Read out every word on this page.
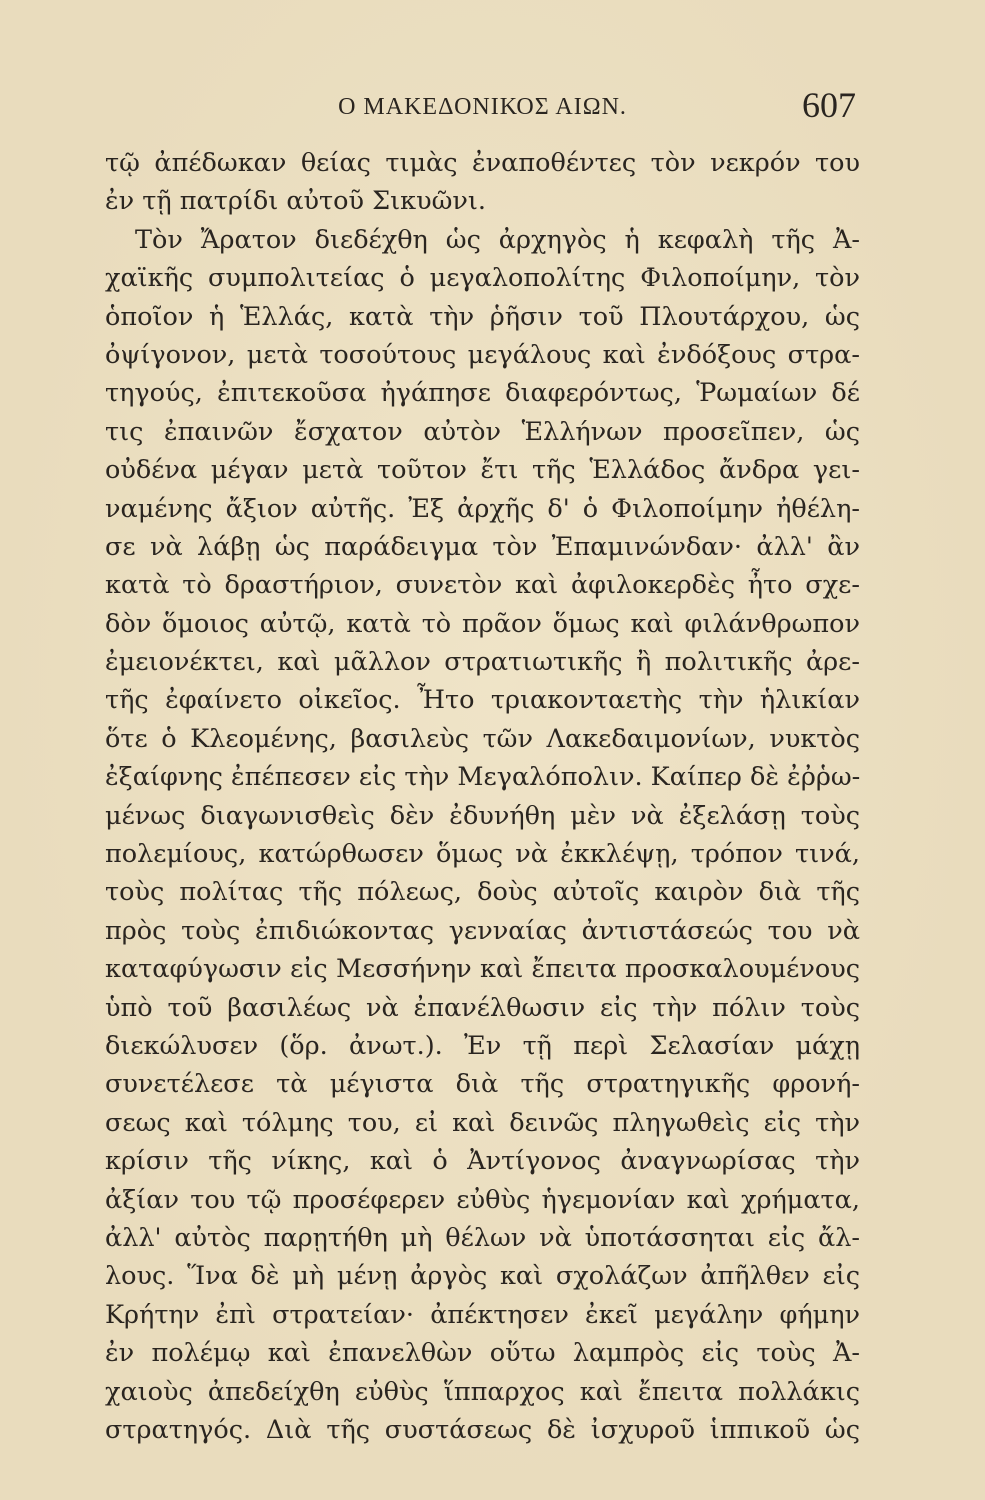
Ο ΜΑΚΕΔΟΝΙΚΟΣ ΑΙΩΝ.	607
τῷ ἀπέδωκαν θείας τιμὰς ἐναποθέντες τὸν νεκρόν του
ἐν τῇ πατρίδι αὐτοῦ Σικυῶνι.
Τὸν Ἄρατον διεδέχθη ὡς ἀρχηγὸς ἡ κεφαλὴ τῆς Ἀ-
χαϊκῆς συμπολιτείας ὁ μεγαλοπολίτης Φιλοποίμην, τὸν
ὁποῖον ἡ Ἑλλάς, κατὰ τὴν ῥῆσιν τοῦ Πλουτάρχου, ὡς
ὀψίγονον, μετὰ τοσούτους μεγάλους καὶ ἐνδόξους στρα-
τηγούς, ἐπιτεκοῦσα ἠγάπησε διαφερόντως, Ῥωμαίων δέ
τις ἐπαινῶν ἔσχατον αὐτὸν Ἑλλήνων προσεῖπεν, ὡς
οὐδένα μέγαν μετὰ τοῦτον ἔτι τῆς Ἑλλάδος ἄνδρα γει-
ναμένης ἄξιον αὐτῆς. Ἐξ ἀρχῆς δ' ὁ Φιλοποίμην ἠθέλη-
σε νὰ λάβῃ ὡς παράδειγμα τὸν Ἐπαμινώνδαν· ἀλλ' ἂν
κατὰ τὸ δραστήριον, συνετὸν καὶ ἀφιλοκερδὲς ἦτο σχε-
δὸν ὅμοιος αὐτῷ, κατὰ τὸ πρᾶον ὅμως καὶ φιλάνθρωπον
ἐμειονέκτει, καὶ μᾶλλον στρατιωτικῆς ἢ πολιτικῆς ἀρε-
τῆς ἐφαίνετο οἰκεῖος. Ἦτο τριακονταετὴς τὴν ἡλικίαν
ὅτε ὁ Κλεομένης, βασιλεὺς τῶν Λακεδαιμονίων, νυκτὸς
ἐξαίφνης ἐπέπεσεν εἰς τὴν Μεγαλόπολιν. Καίπερ δὲ ἐῤῥω-
μένως διαγωνισθεὶς δὲν ἐδυνήθη μὲν νὰ ἐξελάσῃ τοὺς
πολεμίους, κατώρθωσεν ὅμως νὰ ἐκκλέψῃ, τρόπον τινά,
τοὺς πολίτας τῆς πόλεως, δοὺς αὐτοῖς καιρὸν διὰ τῆς
πρὸς τοὺς ἐπιδιώκοντας γενναίας ἀντιστάσεώς του νὰ
καταφύγωσιν εἰς Μεσσήνην καὶ ἔπειτα προσκαλουμένους
ὑπὸ τοῦ βασιλέως νὰ ἐπανέλθωσιν εἰς τὴν πόλιν τοὺς
διεκώλυσεν (ὅρ. ἀνωτ.). Ἐν τῇ περὶ Σελασίαν μάχῃ
συνετέλεσε τὰ μέγιστα διὰ τῆς στρατηγικῆς φρονή-
σεως καὶ τόλμης του, εἰ καὶ δεινῶς πληγωθεὶς εἰς τὴν
κρίσιν τῆς νίκης, καὶ ὁ Ἀντίγονος ἀναγνωρίσας τὴν
ἀξίαν του τῷ προσέφερεν εὐθὺς ἡγεμονίαν καὶ χρήματα,
ἀλλ' αὐτὸς παρῃτήθη μὴ θέλων νὰ ὑποτάσσηται εἰς ἄλ-
λους. Ἵνα δὲ μὴ μένῃ ἀργὸς καὶ σχολάζων ἀπῆλθεν εἰς
Κρήτην ἐπὶ στρατείαν· ἀπέκτησεν ἐκεῖ μεγάλην φήμην
ἐν πολέμῳ καὶ ἐπανελθὼν οὕτω λαμπρὸς εἰς τοὺς Ἀ-
χαιοὺς ἀπεδείχθη εὐθὺς ἵππαρχος καὶ ἔπειτα πολλάκις
στρατηγός. Διὰ τῆς συστάσεως δὲ ἰσχυροῦ ἱππικοῦ ὡς
